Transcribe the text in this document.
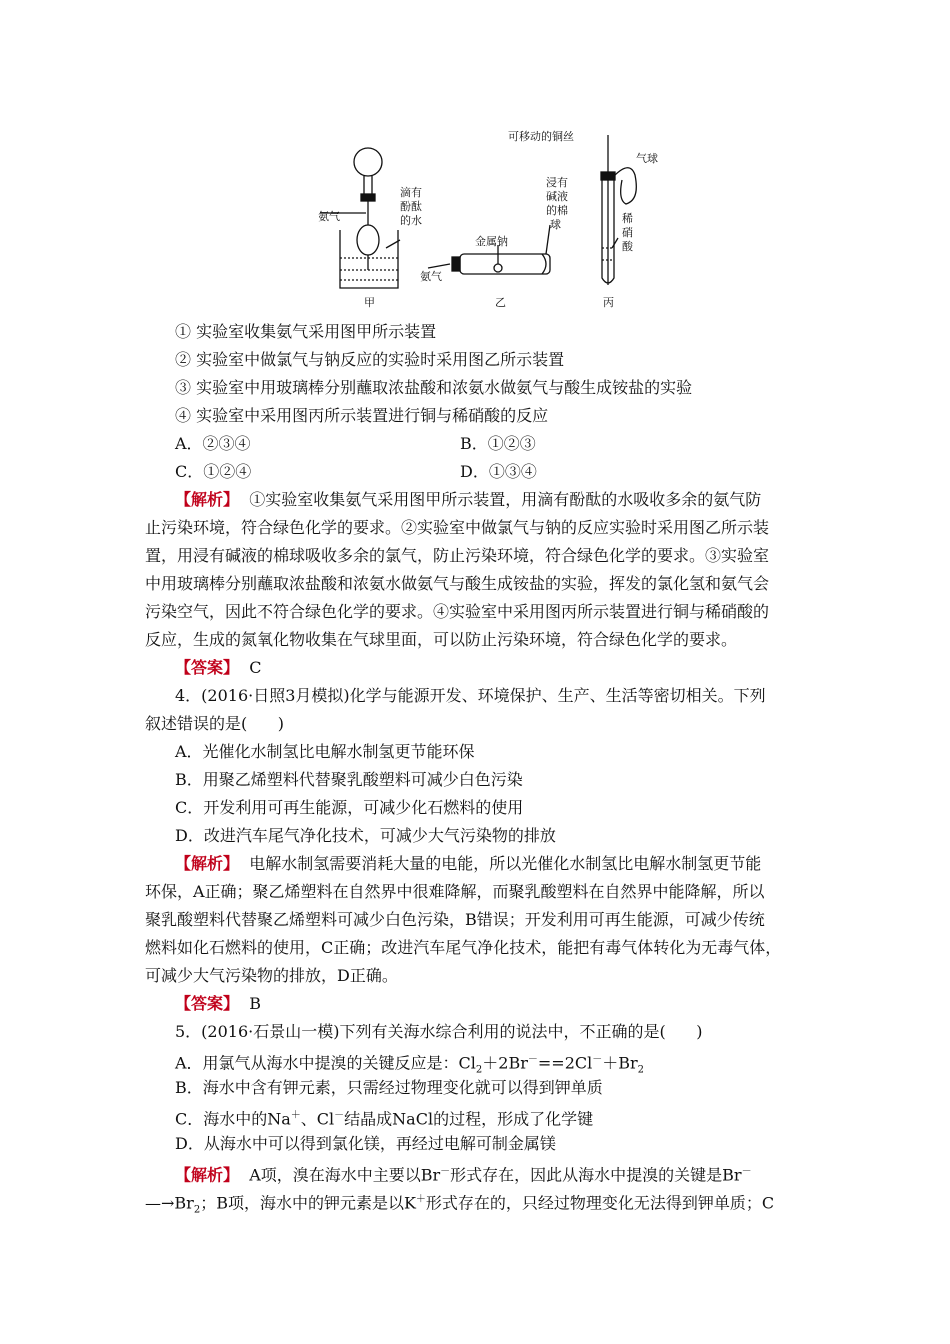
氨气
滴有
酚酞
的水
甲
金属钠
氨气
浸有
碱液
的棉
球
乙
可移动的铜丝
气球
稀
硝
酸
丙
① 实验室收集氨气采用图甲所示装置
② 实验室中做氯气与钠反应的实验时采用图乙所示装置
③ 实验室中用玻璃棒分别蘸取浓盐酸和浓氨水做氨气与酸生成铵盐的实验
④ 实验室中采用图丙所示装置进行铜与稀硝酸的反应
A．②③④	B．①②③
C．①②④	D．①③④
【解析】  ①实验室收集氨气采用图甲所示装置，用滴有酚酞的水吸收多余的氨气防
止污染环境，符合绿色化学的要求。②实验室中做氯气与钠的反应实验时采用图乙所示装
置，用浸有碱液的棉球吸收多余的氯气，防止污染环境，符合绿色化学的要求。③实验室
中用玻璃棒分别蘸取浓盐酸和浓氨水做氨气与酸生成铵盐的实验，挥发的氯化氢和氨气会
污染空气，因此不符合绿色化学的要求。④实验室中采用图丙所示装置进行铜与稀硝酸的
反应，生成的氮氧化物收集在气球里面，可以防止污染环境，符合绿色化学的要求。
【答案】  C
4．(2016·日照3月模拟)化学与能源开发、环境保护、生产、生活等密切相关。下列
叙述错误的是(      )
A．光催化水制氢比电解水制氢更节能环保
B．用聚乙烯塑料代替聚乳酸塑料可减少白色污染
C．开发利用可再生能源，可减少化石燃料的使用
D．改进汽车尾气净化技术，可减少大气污染物的排放
【解析】  电解水制氢需要消耗大量的电能，所以光催化水制氢比电解水制氢更节能
环保，A正确；聚乙烯塑料在自然界中很难降解，而聚乳酸塑料在自然界中能降解，所以
聚乳酸塑料代替聚乙烯塑料可减少白色污染，B错误；开发利用可再生能源，可减少传统
燃料如化石燃料的使用，C正确；改进汽车尾气净化技术，能把有毒气体转化为无毒气体，
可减少大气污染物的排放，D正确。
【答案】  B
5．(2016·石景山一模)下列有关海水综合利用的说法中，不正确的是(      )
A．用氯气从海水中提溴的关键反应是：$Cl_2+2Br^-==2Cl^-+Br_2$
B．海水中含有钾元素，只需经过物理变化就可以得到钾单质
C．海水中的Na＋、Cl－结晶成NaCl的过程，形成了化学键
D．从海水中可以得到氯化镁，再经过电解可制金属镁
【解析】  A项，溴在海水中主要以Br－形式存在，因此从海水中提溴的关键是Br－
$—\to Br_2$；B项，海水中的钾元素是以K＋形式存在的，只经过物理变化无法得到钾单质；C
